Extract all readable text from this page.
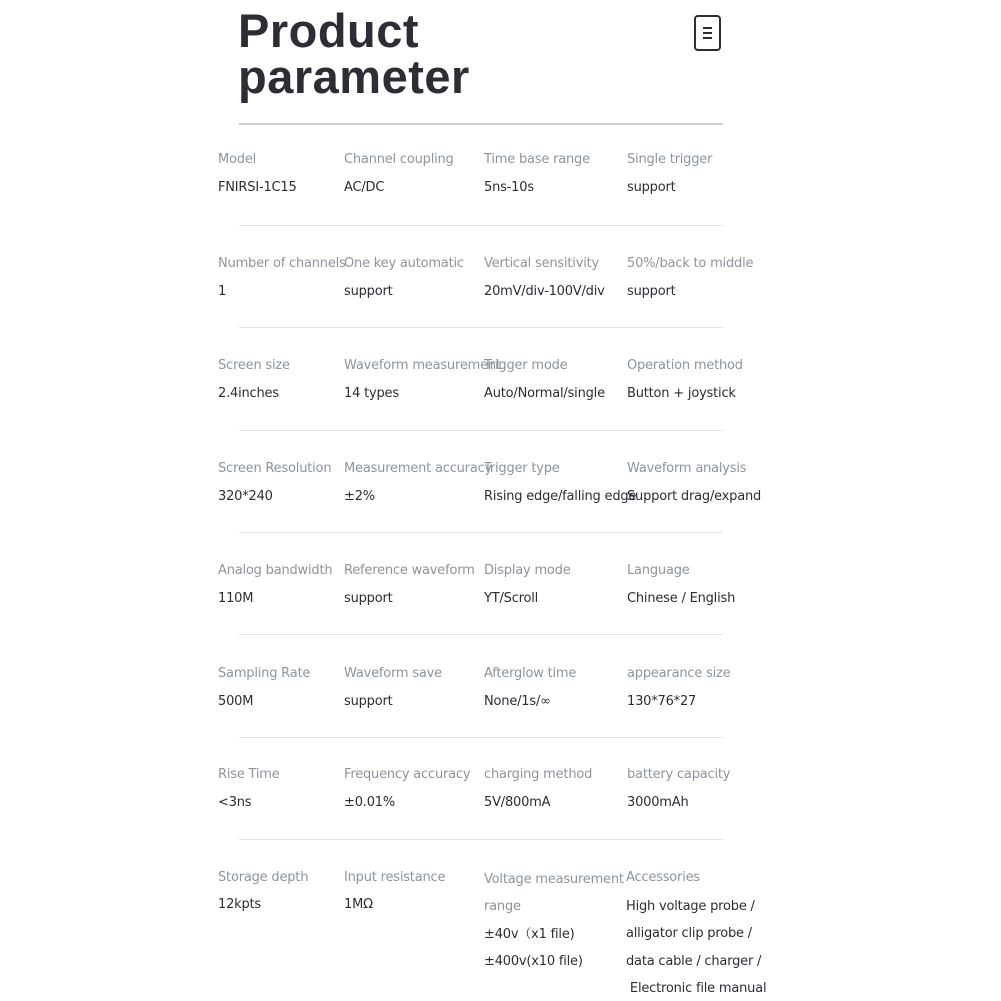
Product
parameter
Model
FNIRSI-1C15
Channel coupling
AC/DC
Time base range
5ns-10s
Single trigger
support
Number of channels
1
One key automatic
support
Vertical sensitivity
20mV/div-100V/div
50%/back to middle
support
Screen size
2.4inches
Waveform measurement
14 types
Trigger mode
Auto/Normal/single
Operation method
Button + joystick
Screen Resolution
320*240
Measurement accuracy
±2%
Trigger type
Rising edge/falling edge
Waveform analysis
Support drag/expand
Analog bandwidth
110M
Reference waveform
support
Display mode
YT/Scroll
Language
Chinese / English
Sampling Rate
500M
Waveform save
support
Afterglow time
None/1s/∞
appearance size
130*76*27
Rise Time
<3ns
Frequency accuracy
±0.01%
charging method
5V/800mA
battery capacity
3000mAh
Storage depth
12kpts
Input resistance
1MΩ
Voltage measurement
range
±40v（x1 file)
±400v(x10 file)
Accessories
High voltage probe /
alligator clip probe /
data cable / charger /
Electronic file manual
